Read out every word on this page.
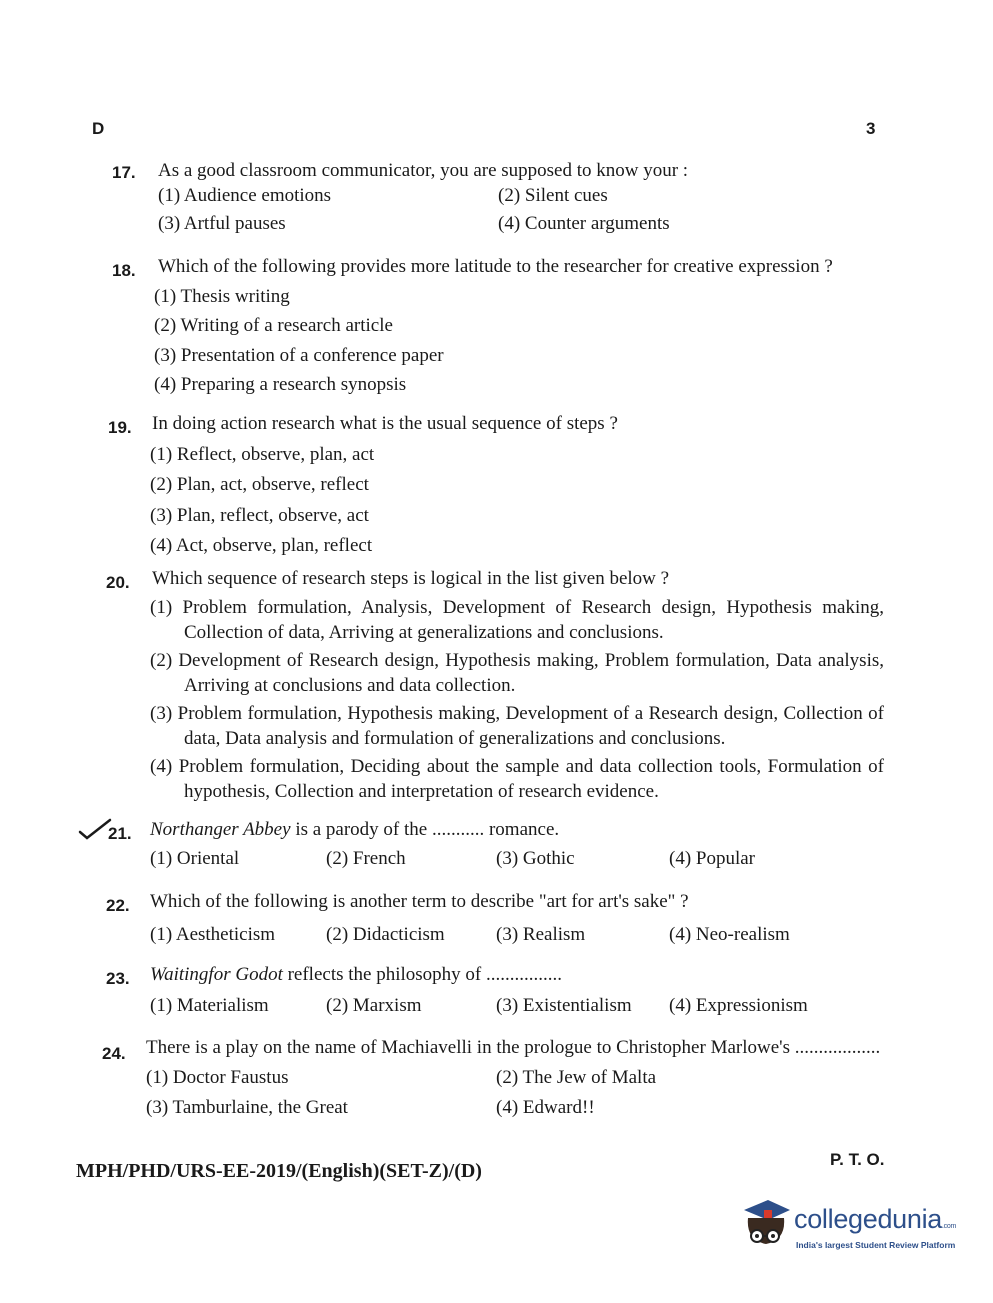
D	3
17.	As a good classroom communicator, you are supposed to know your :
(1) Audience emotions	(2) Silent cues
(3) Artful pauses	(4) Counter arguments
18.	Which of the following provides more latitude to the researcher for creative expression ?
(1) Thesis writing
(2) Writing of a research article
(3) Presentation of a conference paper
(4) Preparing a research synopsis
19.	In doing action research what is the usual sequence of steps ?
(1) Reflect, observe, plan, act
(2) Plan, act, observe, reflect
(3) Plan, reflect, observe, act
(4) Act, observe, plan, reflect
20.	Which sequence of research steps is logical in the list given below ?
(1) Problem formulation, Analysis, Development of Research design, Hypothesis making, Collection of data, Arriving at generalizations and conclusions.
(2) Development of Research design, Hypothesis making, Problem formulation, Data analysis, Arriving at conclusions and data collection.
(3) Problem formulation, Hypothesis making, Development of a Research design, Collection of data, Data analysis and formulation of generalizations and conclusions.
(4) Problem formulation, Deciding about the sample and data collection tools, Formulation of hypothesis, Collection and interpretation of research evidence.
21. Northanger Abbey is a parody of the ........... romance.
(1) Oriental	(2) French	(3) Gothic	(4) Popular
22.	Which of the following is another term to describe "art for art's sake" ?
(1) Aestheticism	(2) Didacticism	(3) Realism	(4) Neo-realism
23.	Waitingfor Godot reflects the philosophy of ................
(1) Materialism	(2) Marxism	(3) Existentialism (4) Expressionism
24.	There is a play on the name of Machiavelli in the prologue to Christopher Marlowe's ..................
(1) Doctor Faustus	(2) The Jew of Malta
(3) Tamburlaine, the Great	(4) Edward!!
MPH/PHD/URS-EE-2019/(English)(SET-Z)/(D)
P. T. O.
collegedunia.com
India's largest Student Review Platform
